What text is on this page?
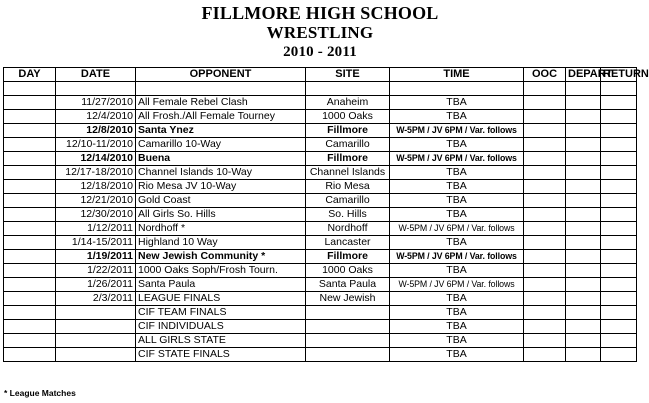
FILLMORE HIGH SCHOOL
WRESTLING
2010 - 2011
DAY	DATE	OPPONENT	SITE	TIME	OOC	DEPART	RETURN

	11/27/2010	All Female Rebel Clash	Anaheim	TBA			
	12/4/2010	All Frosh./All Female Tourney	1000 Oaks	TBA			
	12/8/2010	Santa Ynez	Fillmore	W-5PM / JV 6PM / Var. follows			
	12/10-11/2010	Camarillo 10-Way	Camarillo	TBA			
	12/14/2010	Buena	Fillmore	W-5PM / JV 6PM / Var. follows			
	12/17-18/2010	Channel Islands 10-Way	Channel Islands	TBA			
	12/18/2010	Rio Mesa JV 10-Way	Rio Mesa	TBA			
	12/21/2010	Gold Coast	Camarillo	TBA			
	12/30/2010	All Girls So. Hills	So. Hills	TBA			
	1/12/2011	Nordhoff *	Nordhoff	W-5PM / JV 6PM / Var. follows			
	1/14-15/2011	Highland 10 Way	Lancaster	TBA			
	1/19/2011	New Jewish Community *	Fillmore	W-5PM / JV 6PM / Var. follows			
	1/22/2011	1000 Oaks Soph/Frosh Tourn.	1000 Oaks	TBA			
	1/26/2011	Santa Paula	Santa Paula	W-5PM / JV 6PM / Var. follows			
	2/3/2011	LEAGUE FINALS	New Jewish	TBA			
		CIF TEAM FINALS		TBA			
		CIF INDIVIDUALS		TBA			
		ALL GIRLS STATE		TBA			
		CIF STATE FINALS		TBA			
* League Matches
